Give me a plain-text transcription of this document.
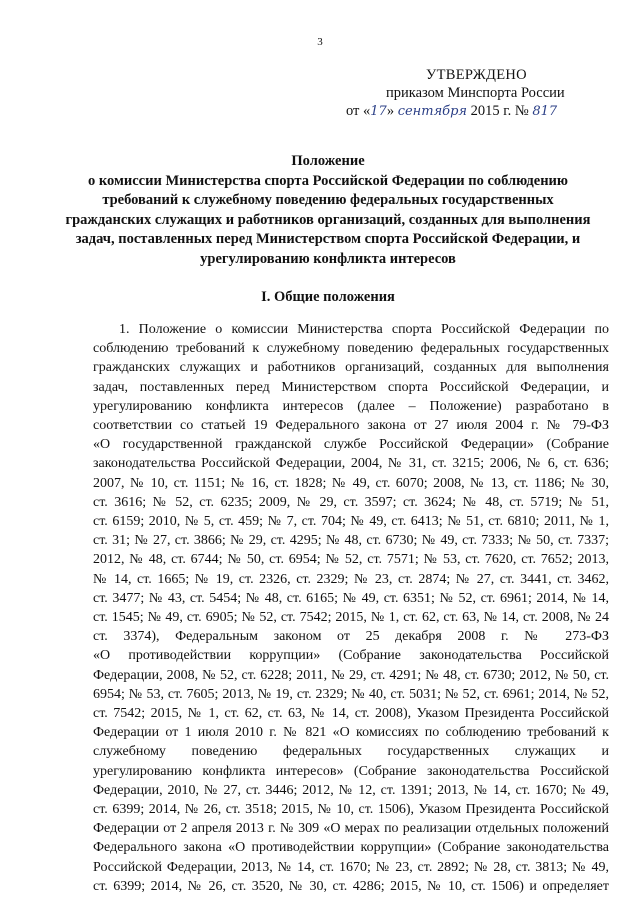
3
УТВЕРЖДЕНО
приказом Минспорта России
от «17» сентября 2015 г. № 817
Положение
о комиссии Министерства спорта Российской Федерации по соблюдению
требований к служебному поведению федеральных государственных
гражданских служащих и работников организаций, созданных для выполнения
задач, поставленных перед Министерством спорта Российской Федерации, и
урегулированию конфликта интересов
I. Общие положения
1. Положение о комиссии Министерства спорта Российской Федерации по
соблюдению требований к служебному поведению федеральных государственных
гражданских служащих и работников организаций, созданных для выполнения
задач, поставленных перед Министерством спорта Российской Федерации, и
урегулированию конфликта интересов (далее – Положение) разработано в
соответствии со статьей 19 Федерального закона от 27 июля 2004 г. № 79-ФЗ
«О государственной гражданской службе Российской Федерации» (Собрание
законодательства Российской Федерации, 2004, № 31, ст. 3215; 2006, № 6, ст. 636;
2007, № 10, ст. 1151; № 16, ст. 1828; № 49, ст. 6070; 2008, № 13, ст. 1186; № 30,
ст. 3616; № 52, ст. 6235; 2009, № 29, ст. 3597; ст. 3624; № 48, ст. 5719; № 51,
ст. 6159; 2010, № 5, ст. 459; № 7, ст. 704; № 49, ст. 6413; № 51, ст. 6810; 2011, № 1,
ст. 31; № 27, ст. 3866; № 29, ст. 4295; № 48, ст. 6730; № 49, ст. 7333; № 50, ст. 7337;
2012, № 48, ст. 6744; № 50, ст. 6954; № 52, ст. 7571; № 53, ст. 7620, ст. 7652; 2013,
№ 14, ст. 1665; № 19, ст. 2326, ст. 2329; № 23, ст. 2874; № 27, ст. 3441, ст. 3462,
ст. 3477; № 43, ст. 5454; № 48, ст. 6165; № 49, ст. 6351; № 52, ст. 6961; 2014, № 14,
ст. 1545; № 49, ст. 6905; № 52, ст. 7542; 2015, № 1, ст. 62, ст. 63, № 14, ст. 2008, № 24
ст. 3374), Федеральным законом от 25 декабря 2008 г. № 273-ФЗ
«О противодействии коррупции» (Собрание законодательства Российской
Федерации, 2008, № 52, ст. 6228; 2011, № 29, ст. 4291; № 48, ст. 6730; 2012, № 50, ст.
6954; № 53, ст. 7605; 2013, № 19, ст. 2329; № 40, ст. 5031; № 52, ст. 6961; 2014, № 52,
ст. 7542; 2015, № 1, ст. 62, ст. 63, № 14, ст. 2008), Указом Президента Российской
Федерации от 1 июля 2010 г. № 821 «О комиссиях по соблюдению требований к
служебному поведению федеральных государственных служащих и
урегулированию конфликта интересов» (Собрание законодательства Российской
Федерации, 2010, № 27, ст. 3446; 2012, № 12, ст. 1391; 2013, № 14, ст. 1670; № 49,
ст. 6399; 2014, № 26, ст. 3518; 2015, № 10, ст. 1506), Указом Президента Российской
Федерации от 2 апреля 2013 г. № 309 «О мерах по реализации отдельных положений
Федерального закона «О противодействии коррупции» (Собрание законодательства
Российской Федерации, 2013, № 14, ст. 1670; № 23, ст. 2892; № 28, ст. 3813; № 49,
ст. 6399; 2014, № 26, ст. 3520, № 30, ст. 4286; 2015, № 10, ст. 1506) и определяет
